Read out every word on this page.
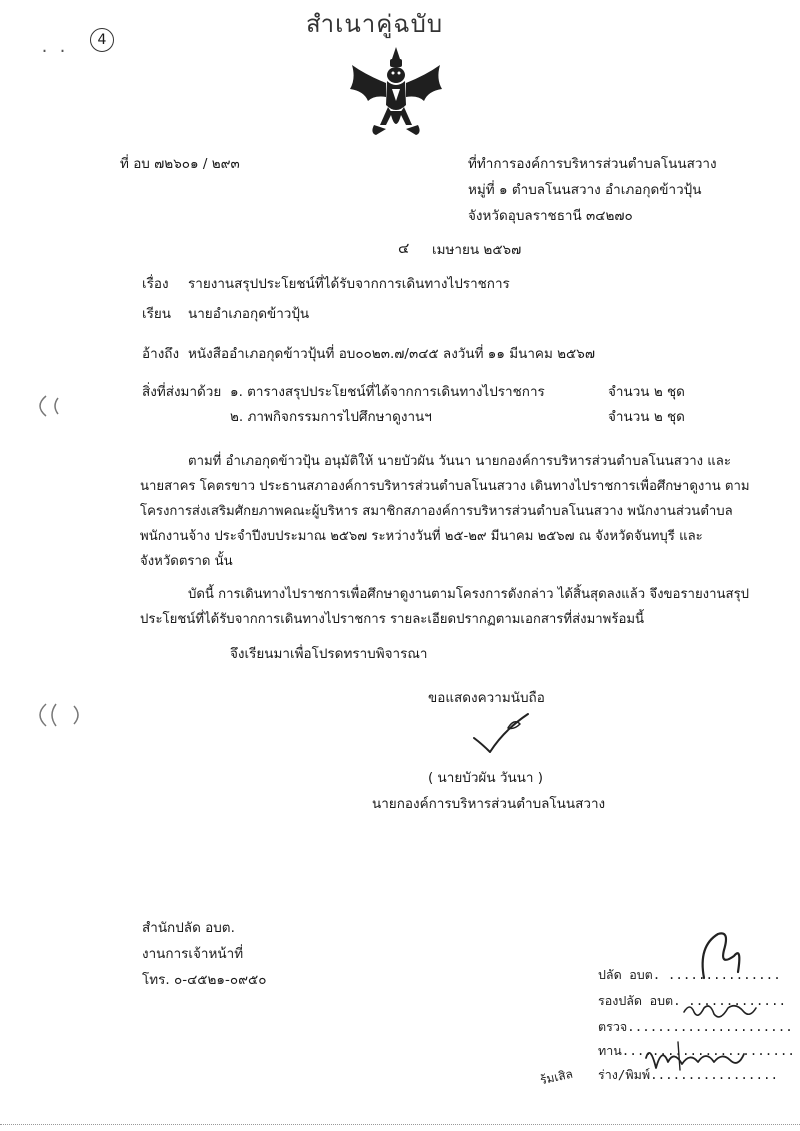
สำเนาคู่ฉบับ
. .	4
ที่ อบ ๗๒๖๐๑ / ๒๙๓	ที่ทำการองค์การบริหารส่วนตำบลโนนสวาง
หมู่ที่ ๑ ตำบลโนนสวาง อำเภอกุดข้าวปุ้น
จังหวัดอุบลราชธานี ๓๔๒๗๐
๔ เมษายน ๒๕๖๗
เรื่อง รายงานสรุปประโยชน์ที่ได้รับจากการเดินทางไปราชการ
เรียน นายอำเภอกุดข้าวปุ้น
อ้างถึง หนังสืออำเภอกุดข้าวปุ้นที่ อบ๐๐๒๓.๗/๓๔๕ ลงวันที่ ๑๑ มีนาคม ๒๕๖๗
สิ่งที่ส่งมาด้วย ๑. ตารางสรุปประโยชน์ที่ได้จากการเดินทางไปราชการ	จำนวน ๒ ชุด
๒. ภาพกิจกรรมการไปศึกษาดูงานฯ	จำนวน ๒ ชุด
ตามที่ อำเภอกุดข้าวปุ้น อนุมัติให้ นายบัวผัน วันนา นายกองค์การบริหารส่วนตำบลโนนสวาง และ
นายสาคร โคตรขาว ประธานสภาองค์การบริหารส่วนตำบลโนนสวาง เดินทางไปราชการเพื่อศึกษาดูงาน ตาม
โครงการส่งเสริมศักยภาพคณะผู้บริหาร สมาชิกสภาองค์การบริหารส่วนตำบลโนนสวาง พนักงานส่วนตำบล
พนักงานจ้าง ประจำปีงบประมาณ ๒๕๖๗ ระหว่างวันที่ ๒๕-๒๙ มีนาคม ๒๕๖๗ ณ จังหวัดจันทบุรี และ
จังหวัดตราด นั้น
บัดนี้ การเดินทางไปราชการเพื่อศึกษาดูงานตามโครงการดังกล่าว ได้สิ้นสุดลงแล้ว จึงขอรายงานสรุป
ประโยชน์ที่ได้รับจากการเดินทางไปราชการ รายละเอียดปรากฏตามเอกสารที่ส่งมาพร้อมนี้
จึงเรียนมาเพื่อโปรดทราบพิจารณา
ขอแสดงความนับถือ
( นายบัวผัน วันนา )
นายกองค์การบริหารส่วนตำบลโนนสวาง
สำนักปลัด อบต.
งานการเจ้าหน้าที่
โทร. ๐-๔๕๒๑-๐๙๕๐	ปลัด อบต. ...............
รองปลัด อบต. .............
ตรวจ......................
ทาน.......................
ร่าง/พิมพ์.................
ร้มเสิล
